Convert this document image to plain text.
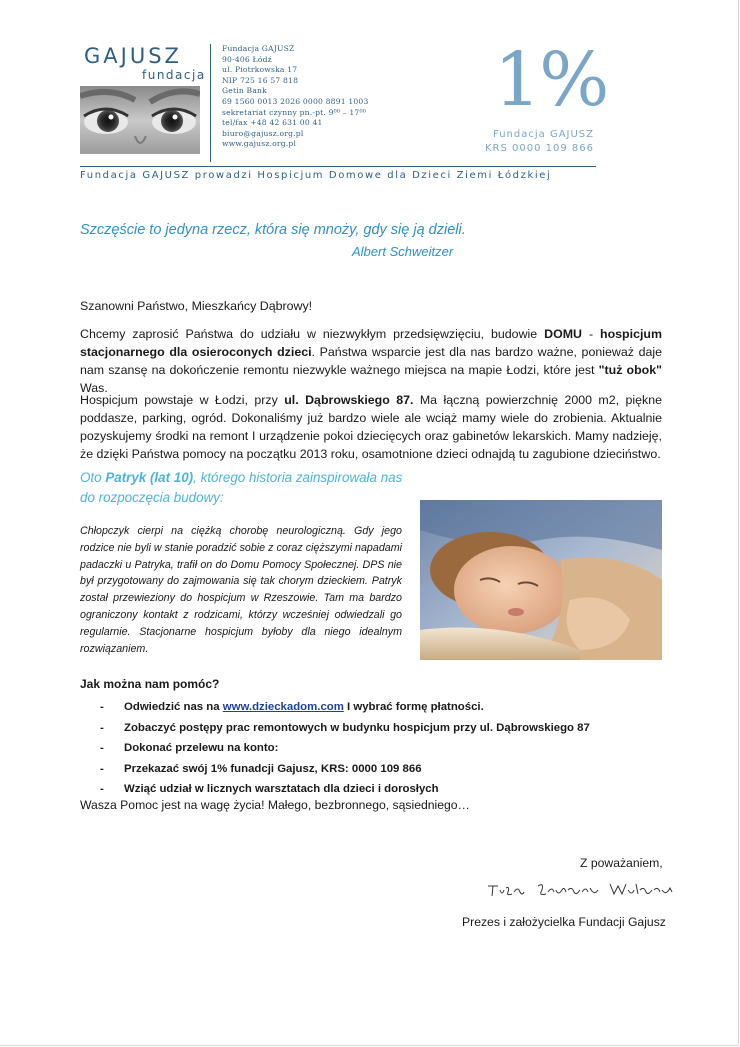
GAJUSZ
fundacja
Fundacja GAJUSZ
90-406 Łódź
ul. Piotrkowska 17
NIP 725 16 57 818
Getin Bank
69 1560 0013 2026 0000 8891 1003
sekretariat czynny pn.-pt. 9⁰⁰ – 17⁰⁰
tel/fax +48 42 631 00 41
biuro@gajusz.org.pl
www.gajusz.org.pl
1%
Fundacja GAJUSZ
KRS 0000 109 866
Fundacja GAJUSZ prowadzi Hospicjum Domowe dla Dzieci Ziemi Łódzkiej
Szczęście to jedyna rzecz, która się mnoży, gdy się ją dzieli.
Albert Schweitzer
Szanowni Państwo, Mieszkańcy Dąbrowy!
Chcemy zaprosić Państwa do udziału w niezwykłym przedsięwzięciu, budowie DOMU - hospicjum stacjonarnego dla osieroconych dzieci. Państwa wsparcie jest dla nas bardzo ważne, ponieważ daje nam szansę na dokończenie remontu niezwykle ważnego miejsca na mapie Łodzi, które jest "tuż obok" Was.
Hospicjum powstaje w Łodzi, przy ul. Dąbrowskiego 87. Ma łączną powierzchnię 2000 m2, piękne poddasze, parking, ogród. Dokonaliśmy już bardzo wiele ale wciąż mamy wiele do zrobienia. Aktualnie pozyskujemy środki na remont I urządzenie pokoi dziecięcych oraz gabinetów lekarskich. Mamy nadzieję, że dzięki Państwa pomocy na początku 2013 roku, osamotnione dzieci odnajdą tu zagubione dzieciństwo.
Oto Patryk (lat 10), którego historia zainspirowała nas do rozpoczęcia budowy:
Chłopczyk cierpi na ciężką chorobę neurologiczną. Gdy jego rodzice nie byli w stanie poradzić sobie z coraz cięższymi napadami padaczki u Patryka, trafił on do Domu Pomocy Społecznej. DPS nie był przygotowany do zajmowania się tak chorym dzieckiem. Patryk został przewieziony do hospicjum w Rzeszowie. Tam ma bardzo ograniczony kontakt z rodzicami, którzy wcześniej odwiedzali go regularnie. Stacjonarne hospicjum byłoby dla niego idealnym rozwiązaniem.
Jak można nam pomóc?
- Odwiedzić nas na www.dzieckadom.com I wybrać formę płatności.
- Zobaczyć postępy prac remontowych w budynku hospicjum przy ul. Dąbrowskiego 87
- Dokonać przelewu na konto:
- Przekazać swój 1% funadcji Gajusz, KRS: 0000 109 866
- Wziąć udział w licznych warsztatach dla dzieci i dorosłych
Wasza Pomoc jest na wagę życia! Małego, bezbronnego, sąsiedniego…
Z poważaniem,
Prezes i założycielka Fundacji Gajusz
